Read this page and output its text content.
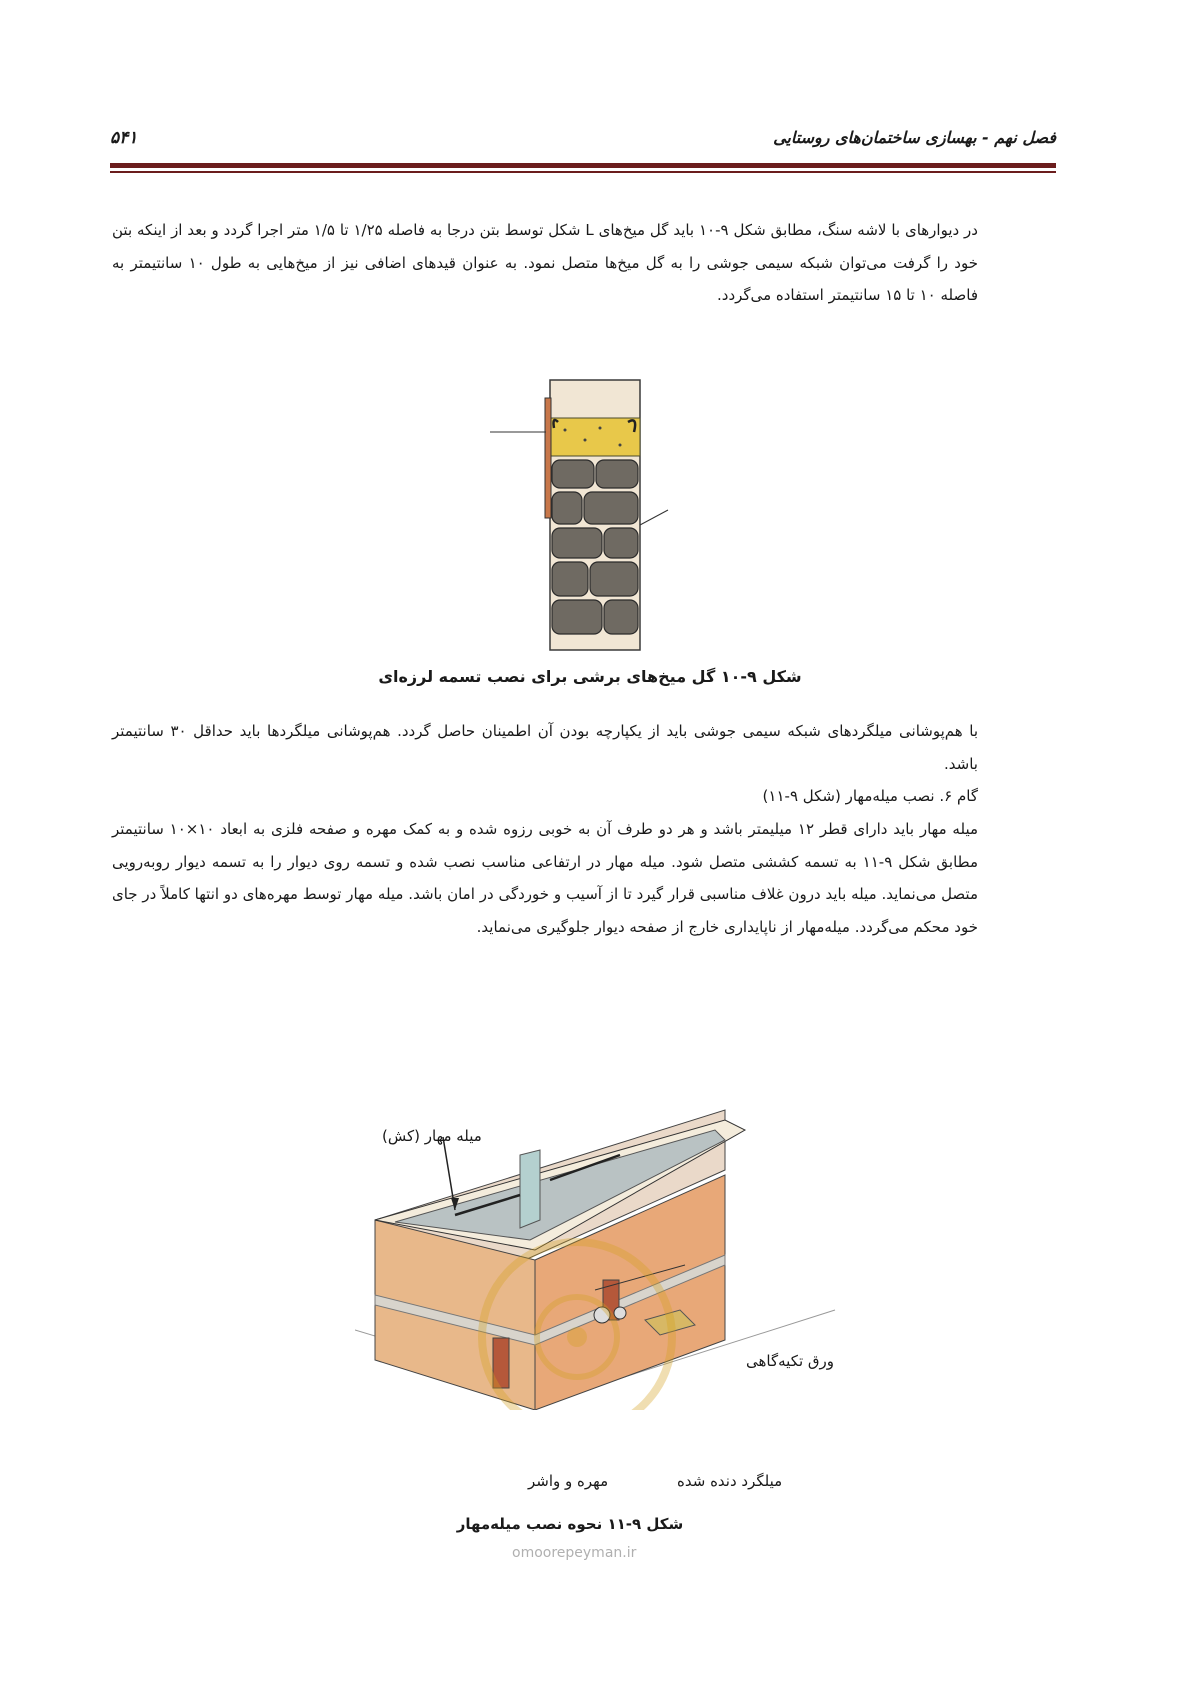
فصل نهم - بهسازی ساختمان‌های روستایی
۵۴۱

در دیوارهای با لاشه سنگ، مطابق شکل ۹-۱۰ باید گل میخ‌های L شکل توسط بتن درجا به فاصله ۱/۲۵ تا ۱/۵ متر اجرا گردد و بعد از اینکه بتن خود را گرفت می‌توان شبکه سیمی جوشی را به گل میخ‌ها متصل نمود. به عنوان قیدهای اضافی نیز از میخ‌هایی به طول ۱۰ سانتیمتر به فاصله ۱۰ تا ۱۵ سانتیمتر استفاده می‌گردد.

شکل ۹-۱۰ گل میخ‌های برشی برای نصب تسمه لرزه‌ای

با هم‌پوشانی میلگردهای شبکه سیمی جوشی باید از یکپارچه بودن آن اطمینان حاصل گردد. هم‌پوشانی میلگردها باید حداقل ۳۰ سانتیمتر باشد.

گام ۶. نصب میله‌مهار (شکل ۹-۱۱)

میله مهار باید دارای قطر ۱۲ میلیمتر باشد و هر دو طرف آن به خوبی رزوه شده و به کمک مهره و صفحه فلزی به ابعاد ۱۰×۱۰ سانتیمتر مطابق شکل ۹-۱۱ به تسمه کششی متصل شود. میله مهار در ارتفاعی مناسب نصب شده و تسمه روی دیوار را به تسمه دیوار روبه‌رویی متصل می‌نماید. میله باید درون غلاف مناسبی قرار گیرد تا از آسیب و خوردگی در امان باشد. میله مهار توسط مهره‌های دو انتها کاملاً در جای خود محکم می‌گردد. میله‌مهار از ناپایداری خارج از صفحه دیوار جلوگیری می‌نماید.

میله مهار (کش)
ورق تکیه‌گاهی
میلگرد دنده شده
مهره و واشر
شکل ۹-۱۱ نحوه نصب میله‌مهار
omoorepeyman.ir
